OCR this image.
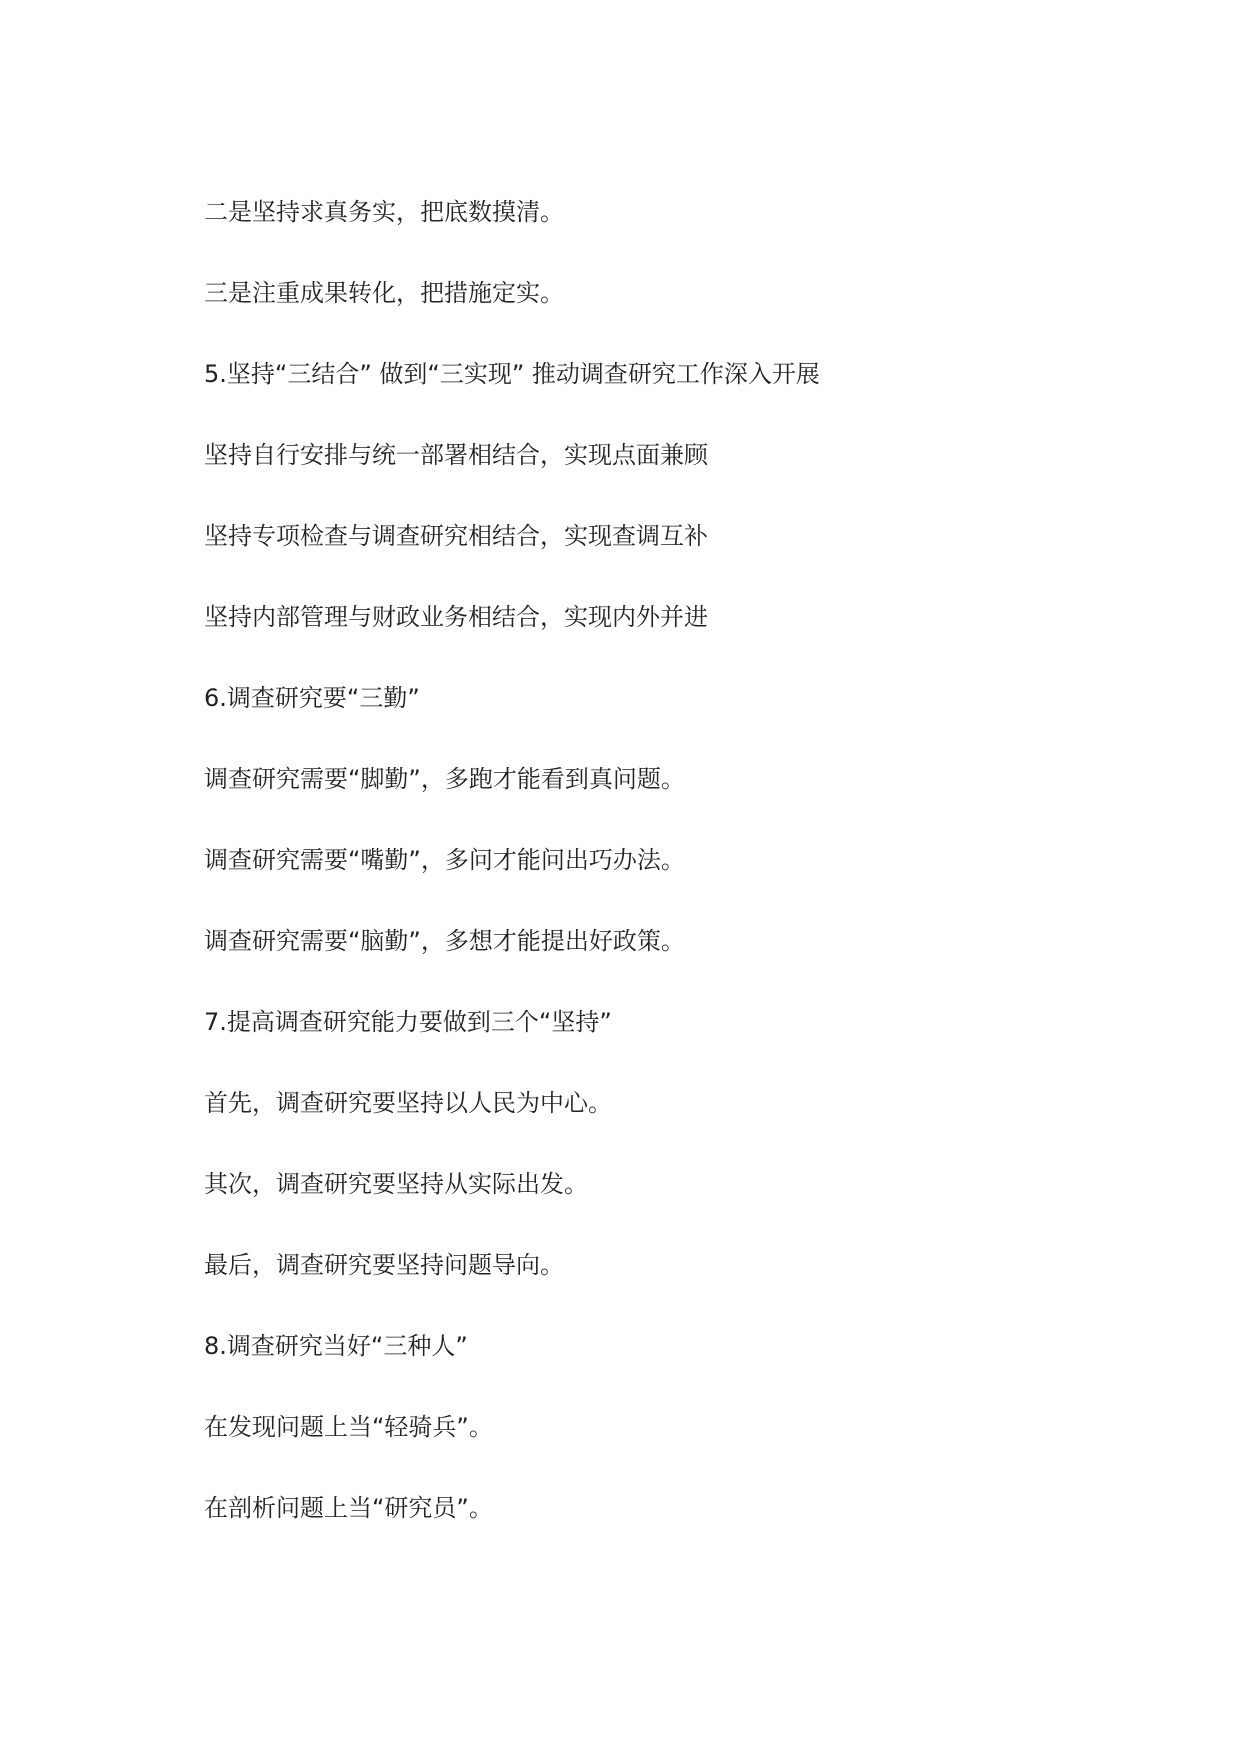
二是坚持求真务实，把底数摸清。
三是注重成果转化，把措施定实。
5.坚持“三结合” 做到“三实现” 推动调查研究工作深入开展
坚持自行安排与统一部署相结合，实现点面兼顾
坚持专项检查与调查研究相结合，实现查调互补
坚持内部管理与财政业务相结合，实现内外并进
6.调查研究要“三勤”
调查研究需要“脚勤”，多跑才能看到真问题。
调查研究需要“嘴勤”，多问才能问出巧办法。
调查研究需要“脑勤”，多想才能提出好政策。
7.提高调查研究能力要做到三个“坚持”
首先，调查研究要坚持以人民为中心。
其次，调查研究要坚持从实际出发。
最后，调查研究要坚持问题导向。
8.调查研究当好“三种人”
在发现问题上当“轻骑兵”。
在剖析问题上当“研究员”。
